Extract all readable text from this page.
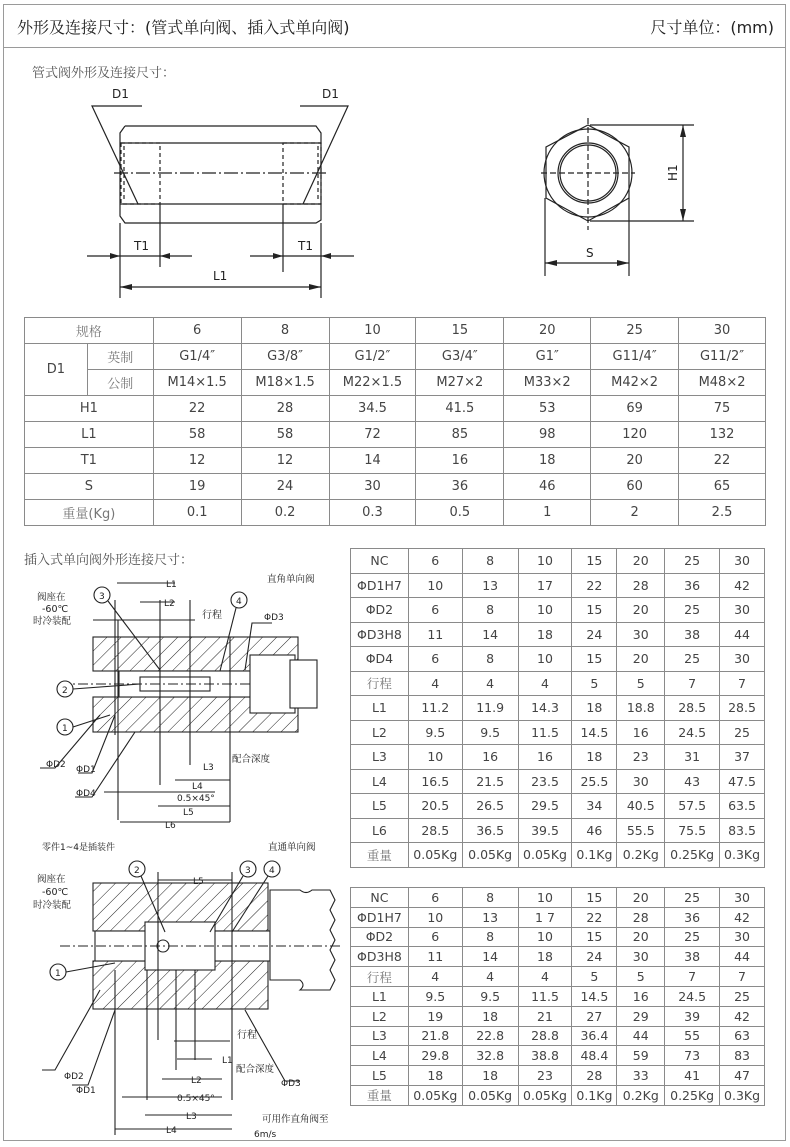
外形及连接尺寸：(管式单向阀、插入式单向阀)	尺寸单位：(mm)
管式阀外形及连接尺寸：
D1	D1
T1	T1
L1
S
H1
规格		6	8	10	15	20	25	30
D1	英制	G1/4″	G3/8″	G1/2″	G3/4″	G1″	G11/4″	G11/2″
	公制	M14×1.5	M18×1.5	M22×1.5	M27×2	M33×2	M42×2	M48×2
H1		22	28	34.5	41.5	53	69	75
L1		58	58	72	85	98	120	132
T1		12	12	14	16	18	20	22
S		19	24	30	36	46	60	65
重量(Kg)		0.1	0.2	0.3	0.5	1	2	2.5
插入式单向阀外形连接尺寸：
阀座在
-60℃
时冷装配
直角单向阀
3	4
2
1
L1
L2
行程	ΦD3
ΦD2 ΦD1
ΦD4
L3
配合深度
L4
0.5×45°
L5
L6
零件1~4是插装件	直通单向阀
阀座在
-60℃
时冷装配
2	3 4
1
L5
行程
ΦD3
ΦD2
ΦD1
L1
配合深度
L2
0.5×45°
L3
L4
可用作直角阀至
6m/s
NC	6	8	10	15	20	25	30
ΦD1H7	10	13	17	22	28	36	42
ΦD2	6	8	10	15	20	25	30
ΦD3H8	11	14	18	24	30	38	44
ΦD4	6	8	10	15	20	25	30
行程	4	4	4	5	5	7	7
L1	11.2	11.9	14.3	18	18.8	28.5	28.5
L2	9.5	9.5	11.5	14.5	16	24.5	25
L3	10	16	16	18	23	31	37
L4	16.5	21.5	23.5	25.5	30	43	47.5
L5	20.5	26.5	29.5	34	40.5	57.5	63.5
L6	28.5	36.5	39.5	46	55.5	75.5	83.5
重量	0.05Kg	0.05Kg	0.05Kg	0.1Kg	0.2Kg	0.25Kg	0.3Kg
NC	6	8	10	15	20	25	30
ΦD1H7	10	13	1 7	22	28	36	42
ΦD2	6	8	10	15	20	25	30
ΦD3H8	11	14	18	24	30	38	44
行程	4	4	4	5	5	7	7
L1	9.5	9.5	11.5	14.5	16	24.5	25
L2	19	18	21	27	29	39	42
L3	21.8	22.8	28.8	36.4	44	55	63
L4	29.8	32.8	38.8	48.4	59	73	83
L5	18	18	23	28	33	41	47
重量	0.05Kg	0.05Kg	0.05Kg	0.1Kg	0.2Kg	0.25Kg	0.3Kg
